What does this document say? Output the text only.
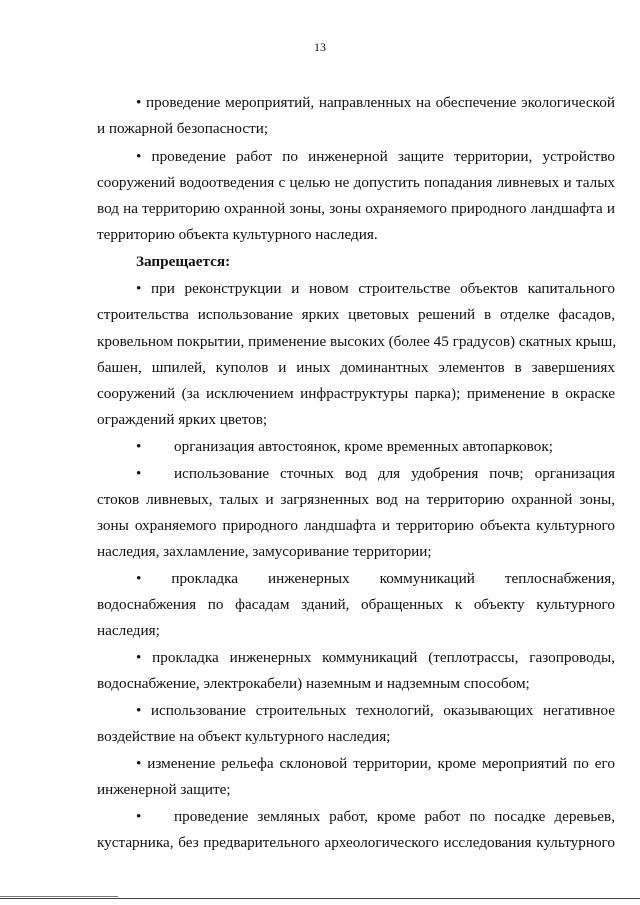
13
• проведение мероприятий, направленных на обеспечение экологической
и пожарной безопасности;
• проведение работ по инженерной защите территории, устройство
сооружений водоотведения с целью не допустить попадания ливневых и талых
вод на территорию охранной зоны, зоны охраняемого природного ландшафта и
территорию объекта культурного наследия.
Запрещается:
• при реконструкции и новом строительстве объектов капитального
строительства использование ярких цветовых решений в отделке фасадов,
кровельном покрытии, применение высоких (более 45 градусов) скатных крыш,
башен, шпилей, куполов и иных доминантных элементов в завершениях
сооружений (за исключением инфраструктуры парка); применение в окраске
ограждений ярких цветов;
• организация автостоянок, кроме временных автопарковок;
• использование сточных вод для удобрения почв; организация
стоков ливневых, талых и загрязненных вод на территорию охранной зоны,
зоны охраняемого природного ландшафта и территорию объекта культурного
наследия, захламление, замусоривание территории;
• прокладка инженерных коммуникаций теплоснабжения,
водоснабжения по фасадам зданий, обращенных к объекту культурного
наследия;
• прокладка инженерных коммуникаций (теплотрассы, газопроводы,
водоснабжение, электрокабели) наземным и надземным способом;
• использование строительных технологий, оказывающих негативное
воздействие на объект культурного наследия;
• изменение рельефа склоновой территории, кроме мероприятий по его
инженерной защите;
• проведение земляных работ, кроме работ по посадке деревьев,
кустарника, без предварительного археологического исследования культурного
